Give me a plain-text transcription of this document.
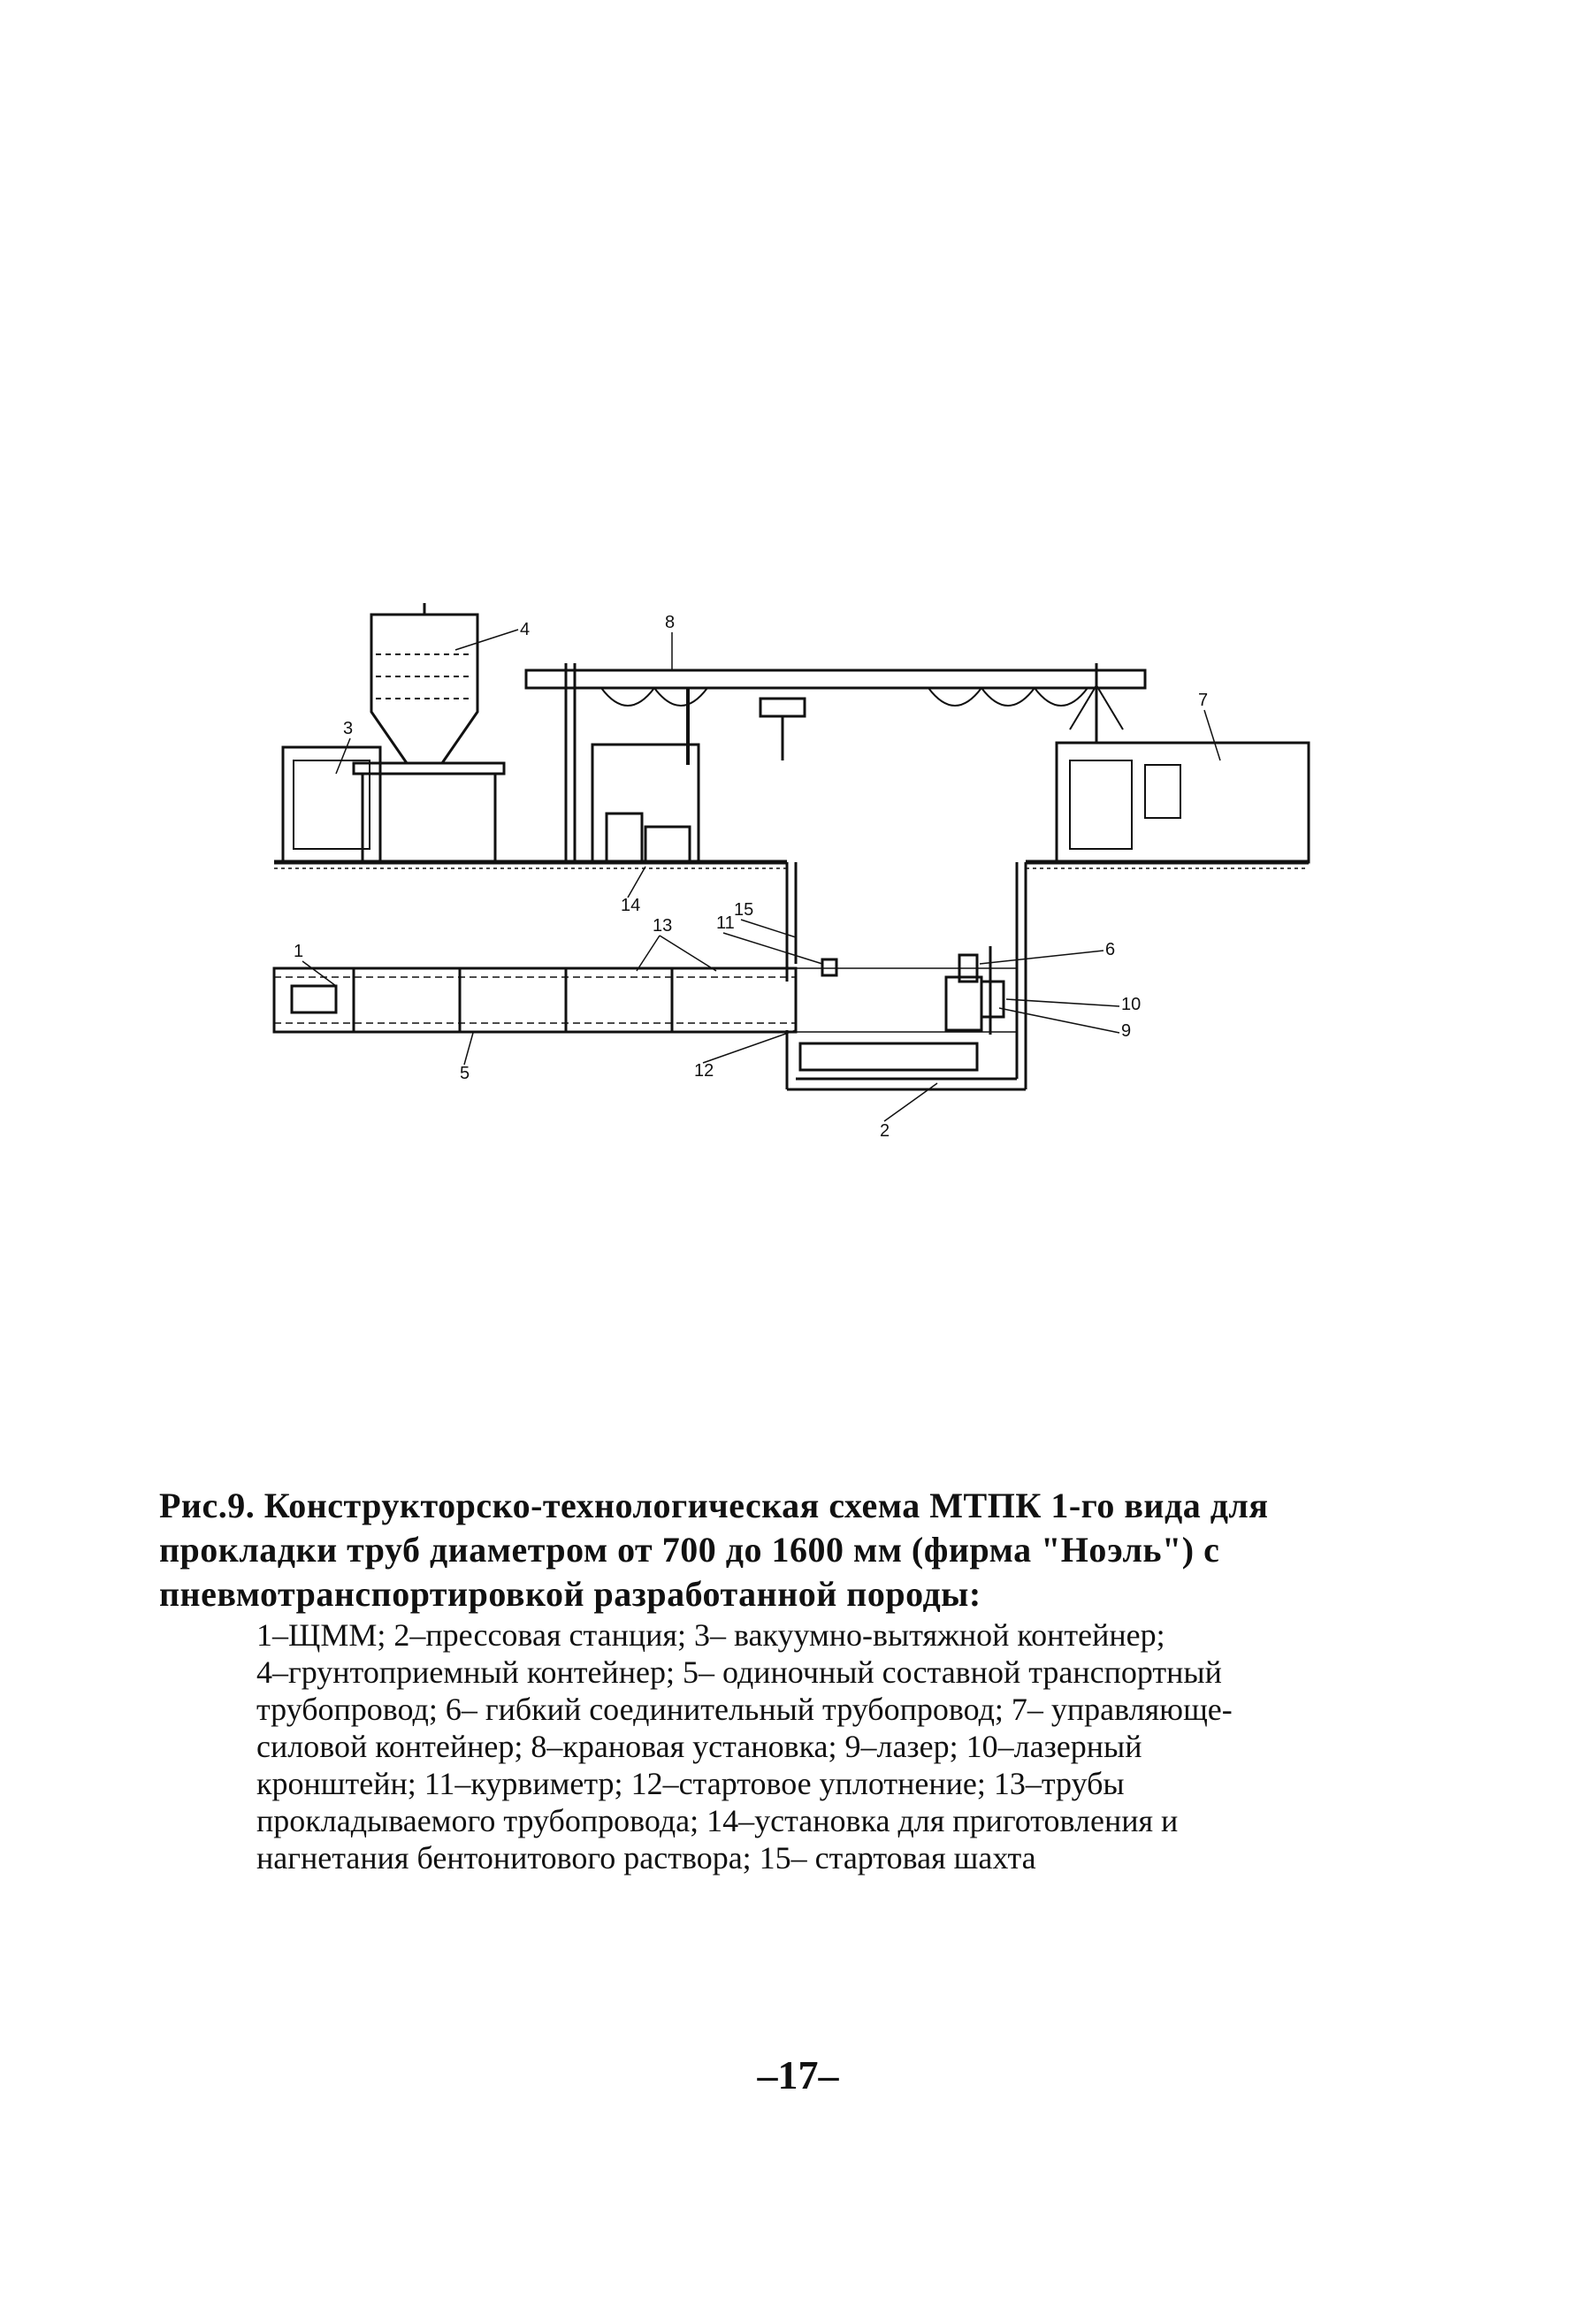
1
2
3
4
5
6
7
8
9
10
11
12
13
14	15
Рис.9. Конструкторско-технологическая схема МТПК 1-го вида для
прокладки труб диаметром от 700 до 1600 мм (фирма "Ноэль") с
пневмотранспортировкой разработанной породы:
1–ЩММ; 2–прессовая станция; 3– вакуумно-вытяжной контейнер;
4–грунтоприемный контейнер; 5– одиночный составной транспортный
трубопровод; 6– гибкий соединительный трубопровод; 7– управляюще-
силовой контейнер; 8–крановая установка; 9–лазер; 10–лазерный
кронштейн; 11–курвиметр; 12–стартовое уплотнение; 13–трубы
прокладываемого трубопровода; 14–установка для приготовления и
нагнетания бентонитового раствора; 15– стартовая шахта
–17–
